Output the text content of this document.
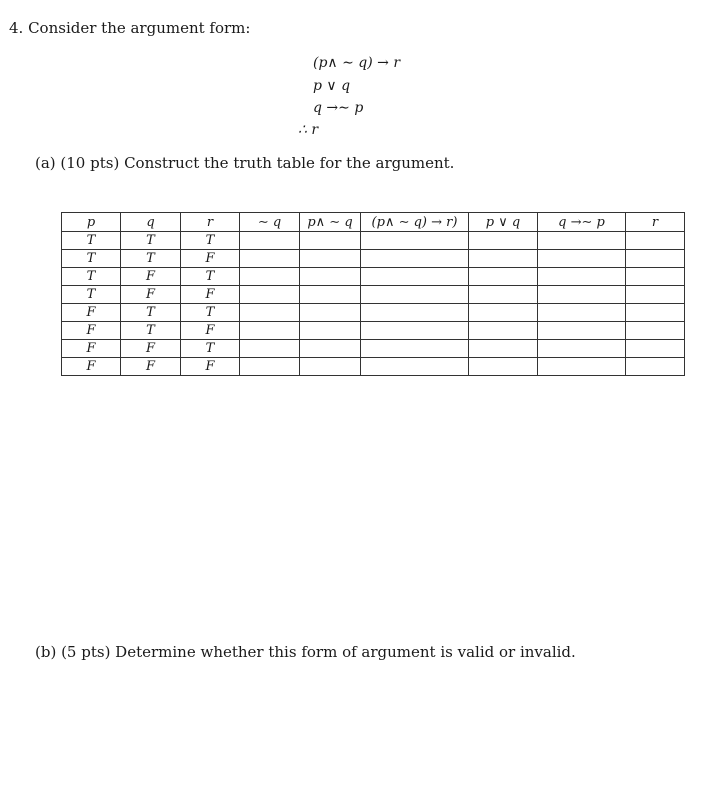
4. Consider the argument form:
(p∧ ∼ q) → r
p ∨ q
q →∼ p
∴ r
(a) (10 pts) Construct the truth table for the argument.
p	q	r	∼ q	p∧ ∼ q	(p∧ ∼ q) → r)	p ∨ q	q →∼ p	r
T	T	T						
T	T	F						
T	F	T						
T	F	F						
F	T	T						
F	T	F						
F	F	T						
F	F	F						
(b) (5 pts) Determine whether this form of argument is valid or invalid.
